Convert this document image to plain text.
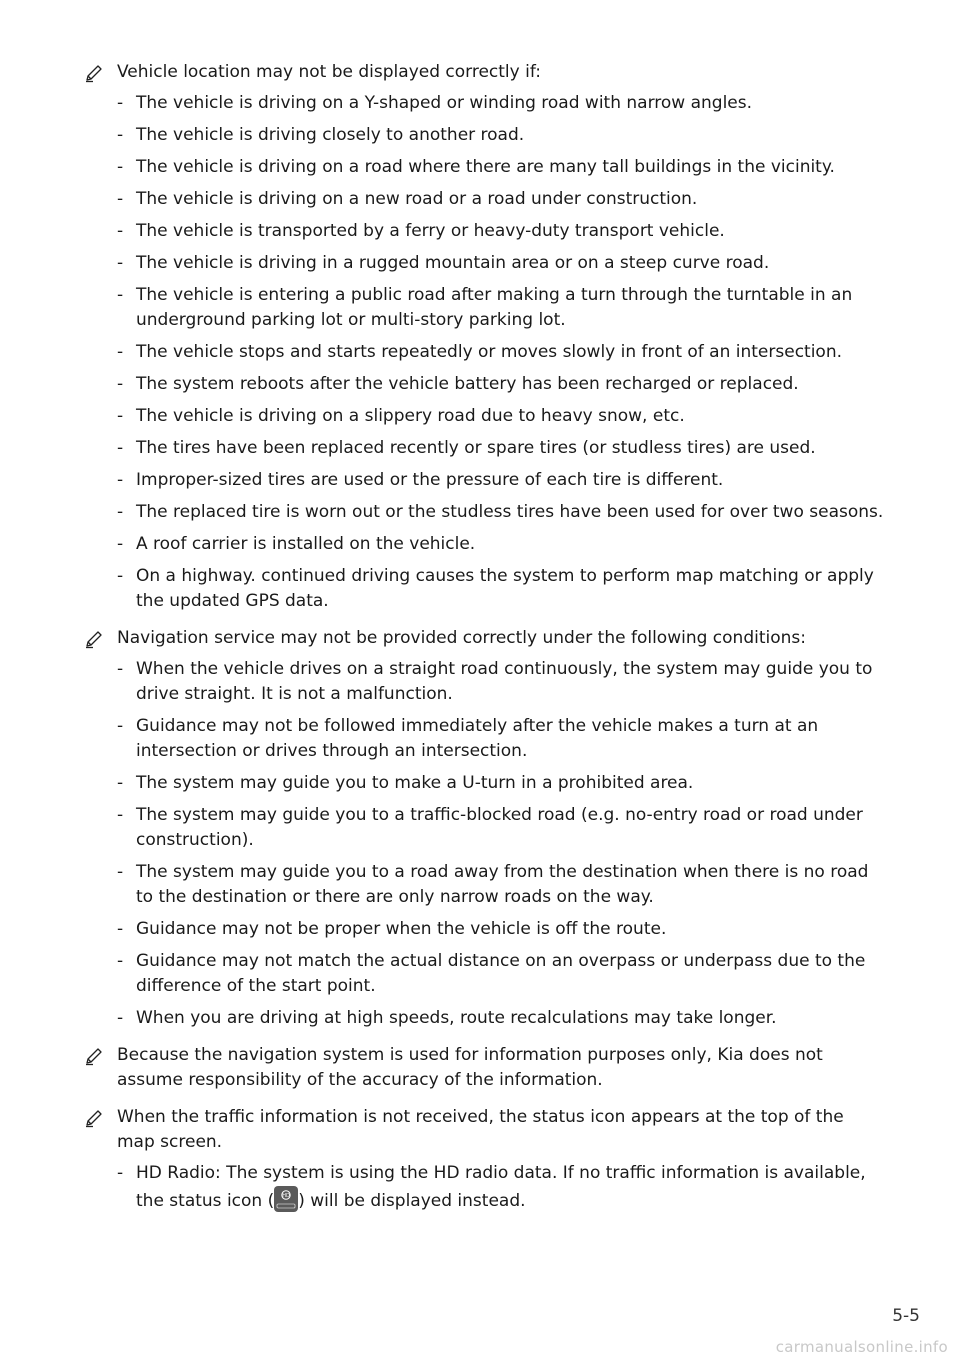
Vehicle location may not be displayed correctly if:
- The vehicle is driving on a Y-shaped or winding road with narrow angles.
- The vehicle is driving closely to another road.
- The vehicle is driving on a road where there are many tall buildings in the vicinity.
- The vehicle is driving on a new road or a road under construction.
- The vehicle is transported by a ferry or heavy-duty transport vehicle.
- The vehicle is driving in a rugged mountain area or on a steep curve road.
- The vehicle is entering a public road after making a turn through the turntable in an underground parking lot or multi-story parking lot.
- The vehicle stops and starts repeatedly or moves slowly in front of an intersection.
- The system reboots after the vehicle battery has been recharged or replaced.
- The vehicle is driving on a slippery road due to heavy snow, etc.
- The tires have been replaced recently or spare tires (or studless tires) are used.
- Improper-sized tires are used or the pressure of each tire is different.
- The replaced tire is worn out or the studless tires have been used for over two seasons.
- A roof carrier is installed on the vehicle.
- On a highway. continued driving causes the system to perform map matching or apply the updated GPS data.
Navigation service may not be provided correctly under the following conditions:
- When the vehicle drives on a straight road continuously, the system may guide you to drive straight. It is not a malfunction.
- Guidance may not be followed immediately after the vehicle makes a turn at an intersection or drives through an intersection.
- The system may guide you to make a U-turn in a prohibited area.
- The system may guide you to a traffic-blocked road (e.g. no-entry road or road under construction).
- The system may guide you to a road away from the destination when there is no road to the destination or there are only narrow roads on the way.
- Guidance may not be proper when the vehicle is off the route.
- Guidance may not match the actual distance on an overpass or underpass due to the difference of the start point.
- When you are driving at high speeds, route recalculations may take longer.
Because the navigation system is used for information purposes only, Kia does not assume responsibility of the accuracy of the information.
When the traffic information is not received, the status icon appears at the top of the map screen.
- HD Radio: The system is using the HD radio data. If no traffic information is available, the status icon ( HD ) will be displayed instead.
5-5
carmanualsonline.info
